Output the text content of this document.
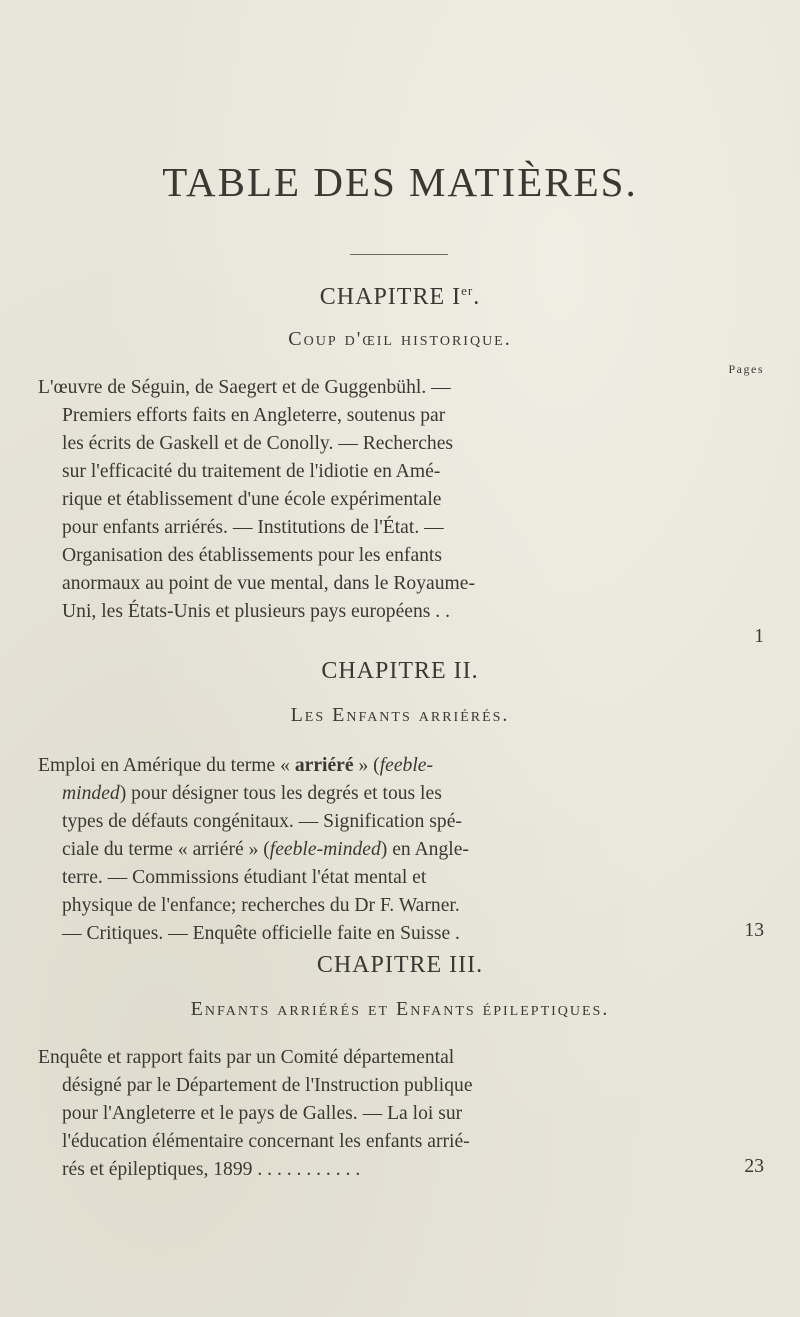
TABLE DES MATIÈRES.
CHAPITRE Ier.
Coup d'œil historique.
Pages
L'œuvre de Séguin, de Saegert et de Guggenbühl. —
Premiers efforts faits en Angleterre, soutenus par
les écrits de Gaskell et de Conolly. — Recherches
sur l'efficacité du traitement de l'idiotie en Amé-
rique et établissement d'une école expérimentale
pour enfants arriérés. — Institutions de l'État. —
Organisation des établissements pour les enfants
anormaux au point de vue mental, dans le Royaume-
Uni, les États-Unis et plusieurs pays européens . .
1
CHAPITRE II.
Les Enfants arriérés.
Emploi en Amérique du terme « arriéré » (feeble-
minded) pour désigner tous les degrés et tous les
types de défauts congénitaux. — Signification spé-
ciale du terme « arriéré » (feeble-minded) en Angle-
terre. — Commissions étudiant l'état mental et
physique de l'enfance; recherches du Dr F. Warner.
— Critiques. — Enquête officielle faite en Suisse .	13
CHAPITRE III.
Enfants arriérés et Enfants épileptiques.
Enquête et rapport faits par un Comité départemental
désigné par le Département de l'Instruction publique
pour l'Angleterre et le pays de Galles. — La loi sur
l'éducation élémentaire concernant les enfants arrié-
rés et épileptiques, 1899 . . . . . . . . . . .	23
